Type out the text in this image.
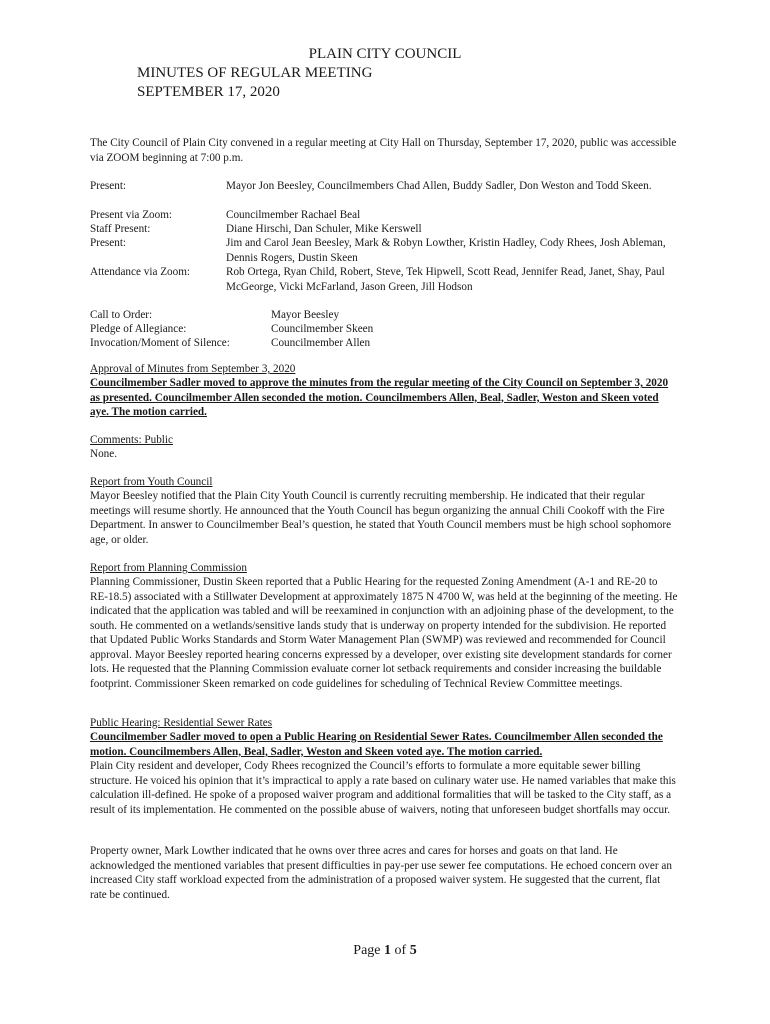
PLAIN CITY COUNCIL
MINUTES OF REGULAR MEETING
SEPTEMBER 17, 2020
The City Council of Plain City convened in a regular meeting at City Hall on Thursday, September 17, 2020, public was accessible via ZOOM beginning at 7:00 p.m.
Present:	Mayor Jon Beesley, Councilmembers Chad Allen, Buddy Sadler, Don Weston and Todd Skeen.
Present via Zoom:	Councilmember Rachael Beal
Staff Present:	Diane Hirschi, Dan Schuler, Mike Kerswell
Present:	Jim and Carol Jean Beesley, Mark & Robyn Lowther, Kristin Hadley, Cody Rhees, Josh Ableman, Dennis Rogers, Dustin Skeen
Attendance via Zoom:	Rob Ortega, Ryan Child, Robert, Steve, Tek Hipwell, Scott Read, Jennifer Read, Janet, Shay, Paul McGeorge, Vicki McFarland, Jason Green, Jill Hodson
Call to Order:	Mayor Beesley
Pledge of Allegiance:	Councilmember Skeen
Invocation/Moment of Silence:	Councilmember Allen
Approval of Minutes from September 3, 2020
Councilmember Sadler moved to approve the minutes from the regular meeting of the City Council on September 3, 2020 as presented. Councilmember Allen seconded the motion. Councilmembers Allen, Beal, Sadler, Weston and Skeen voted aye. The motion carried.
Comments: Public
None.
Report from Youth Council
Mayor Beesley notified that the Plain City Youth Council is currently recruiting membership. He indicated that their regular meetings will resume shortly. He announced that the Youth Council has begun organizing the annual Chili Cookoff with the Fire Department. In answer to Councilmember Beal’s question, he stated that Youth Council members must be high school sophomore age, or older.
Report from Planning Commission
Planning Commissioner, Dustin Skeen reported that a Public Hearing for the requested Zoning Amendment (A-1 and RE-20 to RE-18.5) associated with a Stillwater Development at approximately 1875 N 4700 W, was held at the beginning of the meeting. He indicated that the application was tabled and will be reexamined in conjunction with an adjoining phase of the development, to the south. He commented on a wetlands/sensitive lands study that is underway on property intended for the subdivision. He reported that Updated Public Works Standards and Storm Water Management Plan (SWMP) was reviewed and recommended for Council approval. Mayor Beesley reported hearing concerns expressed by a developer, over existing site development standards for corner lots. He requested that the Planning Commission evaluate corner lot setback requirements and consider increasing the buildable footprint. Commissioner Skeen remarked on code guidelines for scheduling of Technical Review Committee meetings.
Public Hearing: Residential Sewer Rates
Councilmember Sadler moved to open a Public Hearing on Residential Sewer Rates. Councilmember Allen seconded the motion. Councilmembers Allen, Beal, Sadler, Weston and Skeen voted aye. The motion carried.
Plain City resident and developer, Cody Rhees recognized the Council’s efforts to formulate a more equitable sewer billing structure. He voiced his opinion that it’s impractical to apply a rate based on culinary water use. He named variables that make this calculation ill-defined. He spoke of a proposed waiver program and additional formalities that will be tasked to the City staff, as a result of its implementation. He commented on the possible abuse of waivers, noting that unforeseen budget shortfalls may occur.
Property owner, Mark Lowther indicated that he owns over three acres and cares for horses and goats on that land. He acknowledged the mentioned variables that present difficulties in pay-per use sewer fee computations. He echoed concern over an increased City staff workload expected from the administration of a proposed waiver system. He suggested that the current, flat rate be continued.
Page 1 of 5
